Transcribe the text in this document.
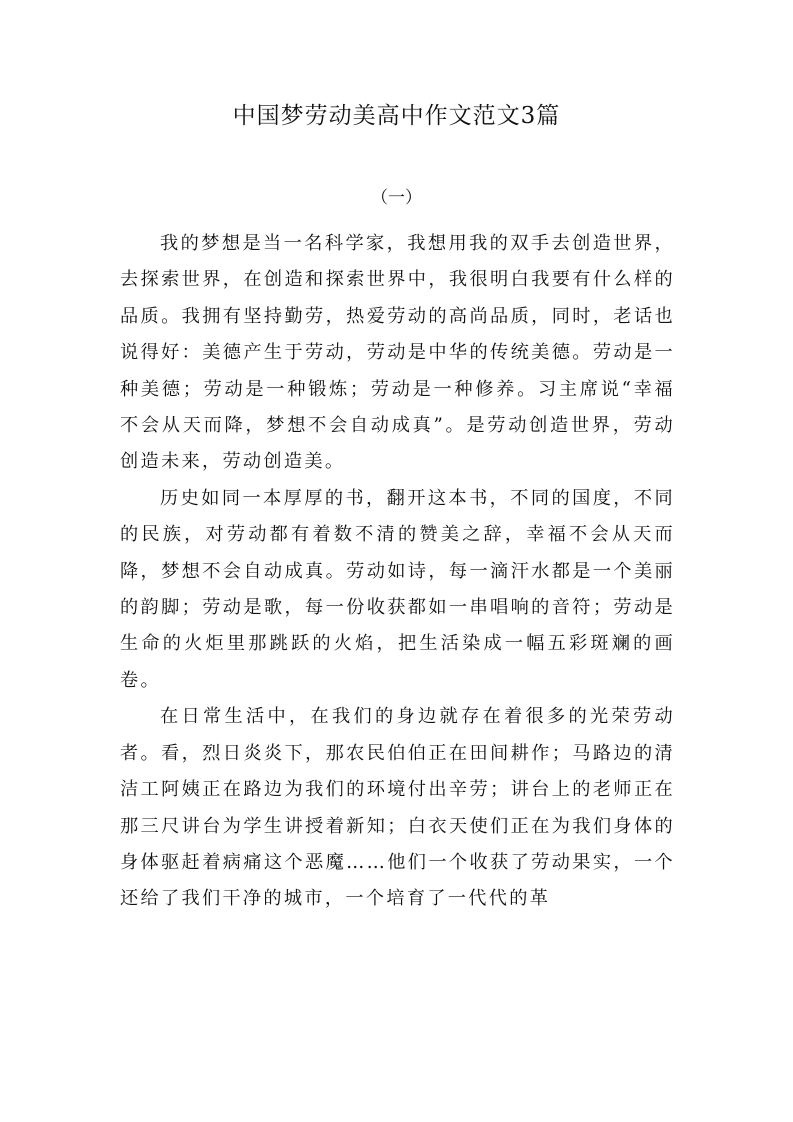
中国梦劳动美高中作文范文3篇
（一）

我的梦想是当一名科学家，我想用我的双手去创造世界，去探索世界，在创造和探索世界中，我很明白我要有什么样的品质。我拥有坚持勤劳，热爱劳动的高尚品质，同时，老话也说得好：美德产生于劳动，劳动是中华的传统美德。劳动是一种美德；劳动是一种锻炼；劳动是一种修养。习主席说“幸福不会从天而降，梦想不会自动成真”。是劳动创造世界，劳动创造未来，劳动创造美。

历史如同一本厚厚的书，翻开这本书，不同的国度，不同的民族，对劳动都有着数不清的赞美之辞，幸福不会从天而降，梦想不会自动成真。劳动如诗，每一滴汗水都是一个美丽的韵脚；劳动是歌，每一份收获都如一串唱响的音符；劳动是生命的火炬里那跳跃的火焰，把生活染成一幅五彩斑斓的画卷。

在日常生活中，在我们的身边就存在着很多的光荣劳动者。看，烈日炎炎下，那农民伯伯正在田间耕作；马路边的清洁工阿姨正在路边为我们的环境付出辛劳；讲台上的老师正在那三尺讲台为学生讲授着新知；白衣天使们正在为我们身体的身体驱赶着病痛这个恶魔……他们一个收获了劳动果实，一个还给了我们干净的城市，一个培育了一代代的革
